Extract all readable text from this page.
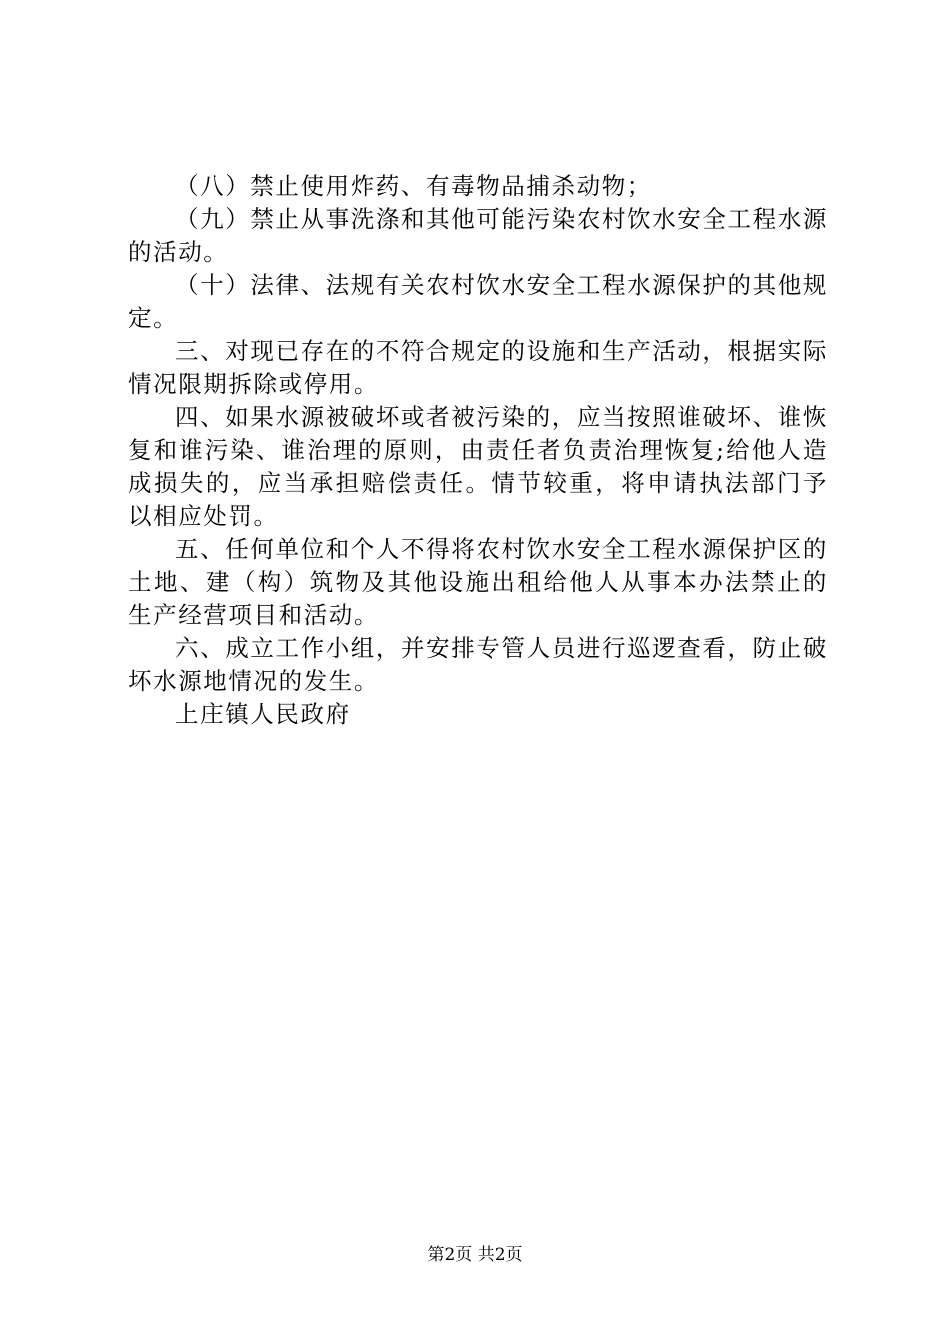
（八）禁止使用炸药、有毒物品捕杀动物；

（九）禁止从事洗涤和其他可能污染农村饮水安全工程水源的活动。

（十）法律、法规有关农村饮水安全工程水源保护的其他规定。

三、对现已存在的不符合规定的设施和生产活动，根据实际情况限期拆除或停用。

四、如果水源被破坏或者被污染的，应当按照谁破坏、谁恢复和谁污染、谁治理的原则，由责任者负责治理恢复;给他人造成损失的，应当承担赔偿责任。情节较重，将申请执法部门予以相应处罚。

五、任何单位和个人不得将农村饮水安全工程水源保护区的土地、建（构）筑物及其他设施出租给他人从事本办法禁止的生产经营项目和活动。

六、成立工作小组，并安排专管人员进行巡逻查看，防止破坏水源地情况的发生。

上庄镇人民政府

第2页 共2页
